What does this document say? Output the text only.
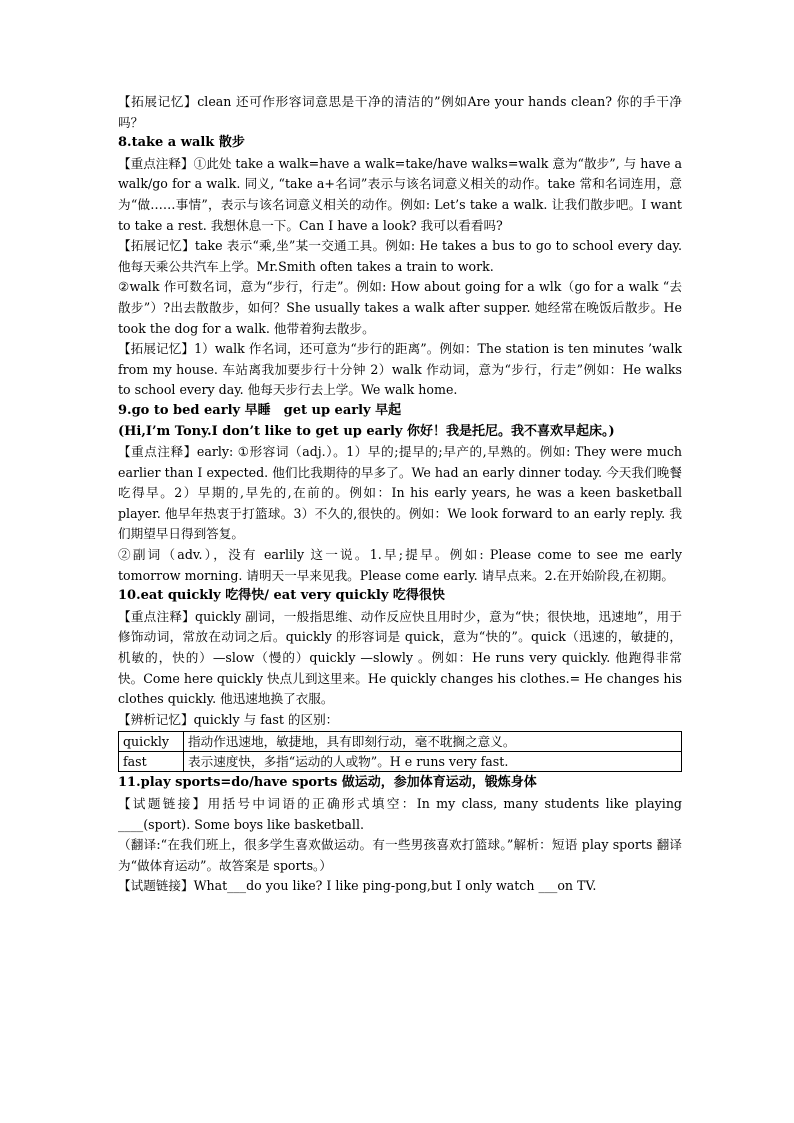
【拓展记忆】clean 还可作形容词意思是干净的清洁的”例如Are your hands clean? 你的手干净吗？

8.take a walk 散步

【重点注释】①此处 take a walk=have a walk=take/have walks=walk 意为“散步”, 与 have a walk/go for a walk. 同义, “take a+名词”表示与该名词意义相关的动作。take 常和名词连用，意为“做……事情”，表示与该名词意义相关的动作。例如: Let’s take a walk. 让我们散步吧。I want to take a rest. 我想休息一下。Can I have a look? 我可以看看吗?

【拓展记忆】take 表示“乘,坐”某一交通工具。例如: He takes a bus to go to school every day. 他每天乘公共汽车上学。Mr.Smith often takes a train to work.

②walk 作可数名词，意为“步行，行走”。例如: How about going for a wlk（go for a walk “去散步”）?出去散散步，如何？She usually takes a walk after supper. 她经常在晚饭后散步。He took the dog for a walk. 他带着狗去散步。

【拓展记忆】1）walk 作名词，还可意为“步行的距离”。例如：The station is ten minutes ’walk from my house. 车站离我加要步行十分钟 2）walk 作动词，意为“步行，行走”例如：He walks to school every day. 他每天步行去上学。We walk home.

9.go to bed early 早睡　get up early 早起

(Hi,I’m Tony.I don’t like to get up early 你好！我是托尼。我不喜欢早起床。)

【重点注释】early: ①形容词（adj.）。1）早的;提早的;早产的,早熟的。例如: They were much earlier than I expected. 他们比我期待的早多了。We had an early dinner today. 今天我们晚餐吃得早。2）早期的,早先的,在前的。例如：In his early years, he was a keen basketball player. 他早年热衷于打篮球。3）不久的,很快的。例如：We look forward to an early reply. 我们期望早日得到答复。

②副词（adv.），没有 earlily 这一说。1.早;提早。例如: Please come to see me early tomorrow morning. 请明天一早来见我。Please come early. 请早点来。2.在开始阶段,在初期。

10.eat quickly 吃得快/ eat very quickly 吃得很快

【重点注释】quickly 副词，一般指思维、动作反应快且用时少，意为“快；很快地，迅速地”，用于修饰动词，常放在动词之后。quickly 的形容词是 quick，意为“快的”。quick（迅速的，敏捷的，机敏的，快的）—slow（慢的）quickly —slowly 。例如：He runs very quickly. 他跑得非常快。Come here quickly 快点儿到这里来。He quickly changes his clothes.= He changes his clothes quickly. 他迅速地换了衣服。

【辨析记忆】quickly 与 fast 的区别：

quickly	指动作迅速地，敏捷地，具有即刻行动，毫不耽搁之意义。
fast	表示速度快，多指“运动的人或物”。H e runs very fast.

11.play sports=do/have sports 做运动，参加体育运动，锻炼身体

【试题链接】用括号中词语的正确形式填空：In my class, many students like playing ____(sport). Some boys like basketball.

（翻译:“在我们班上，很多学生喜欢做运动。有一些男孩喜欢打篮球。”解析：短语 play sports 翻译为“做体育运动”。故答案是 sports。）

【试题链接】What___do you like? I like ping-pong,but I only watch ___on TV.
